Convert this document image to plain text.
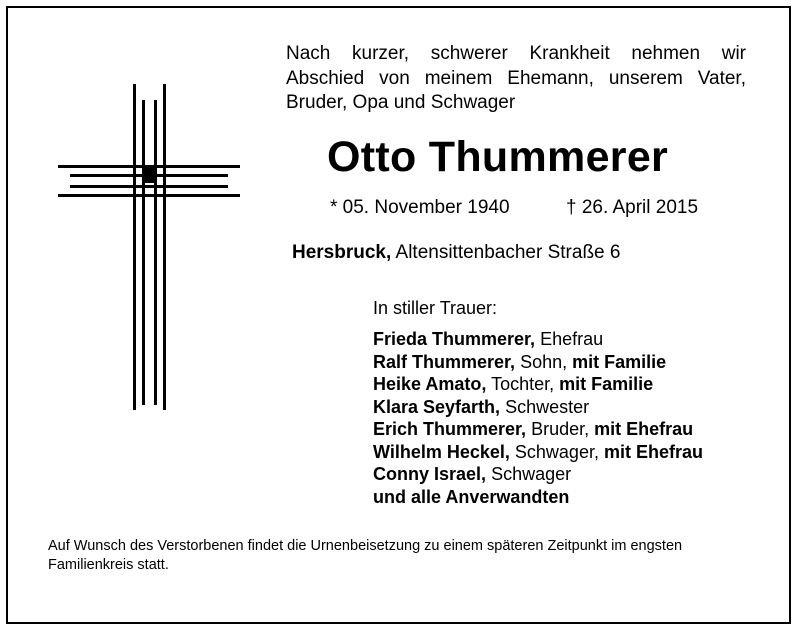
Nach kurzer, schwerer Krankheit nehmen wir Abschied von meinem Ehemann, unserem Vater, Bruder, Opa und Schwager
Otto Thummerer
* 05. November 1940	† 26. April 2015
Hersbruck, Altensittenbacher Straße 6
In stiller Trauer:
Frieda Thummerer, Ehefrau
Ralf Thummerer, Sohn, mit Familie
Heike Amato, Tochter, mit Familie
Klara Seyfarth, Schwester
Erich Thummerer, Bruder, mit Ehefrau
Wilhelm Heckel, Schwager, mit Ehefrau
Conny Israel, Schwager
und alle Anverwandten
Auf Wunsch des Verstorbenen findet die Urnenbeisetzung zu einem späteren Zeitpunkt im engsten Familienkreis statt.
